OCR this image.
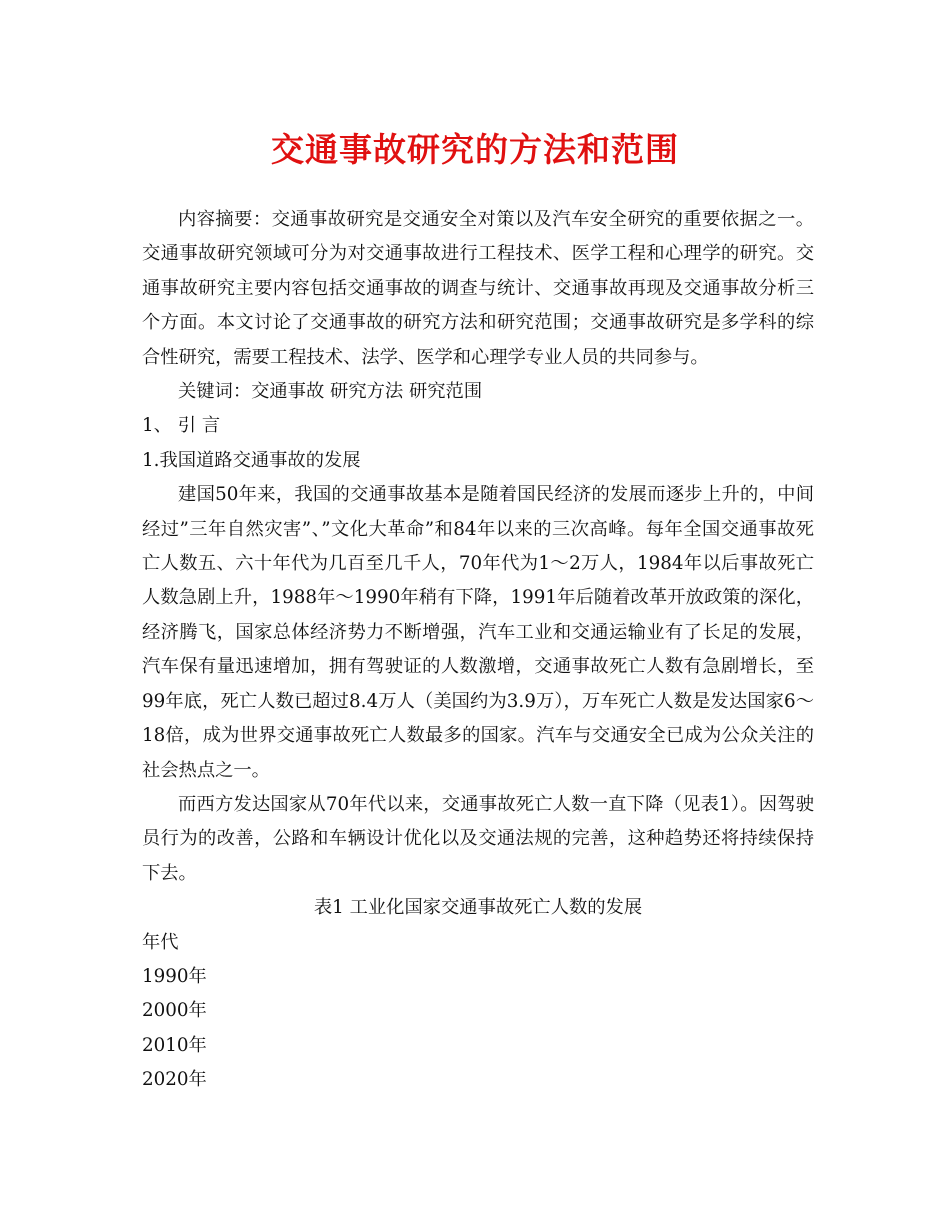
交通事故研究的方法和范围

内容摘要：交通事故研究是交通安全对策以及汽车安全研究的重要依据之一。交通事故研究领域可分为对交通事故进行工程技术、医学工程和心理学的研究。交通事故研究主要内容包括交通事故的调查与统计、交通事故再现及交通事故分析三个方面。本文讨论了交通事故的研究方法和研究范围；交通事故研究是多学科的综合性研究，需要工程技术、法学、医学和心理学专业人员的共同参与。

关键词：交通事故 研究方法 研究范围

1、 引 言

1.我国道路交通事故的发展

建国50年来，我国的交通事故基本是随着国民经济的发展而逐步上升的，中间经过”三年自然灾害”、”文化大革命”和84年以来的三次高峰。每年全国交通事故死亡人数五、六十年代为几百至几千人，70年代为1～2万人，1984年以后事故死亡人数急剧上升，1988年～1990年稍有下降，1991年后随着改革开放政策的深化，经济腾飞，国家总体经济势力不断增强，汽车工业和交通运输业有了长足的发展，汽车保有量迅速增加，拥有驾驶证的人数激增，交通事故死亡人数有急剧增长，至99年底，死亡人数已超过8.4万人（美国约为3.9万），万车死亡人数是发达国家6～18倍，成为世界交通事故死亡人数最多的国家。汽车与交通安全已成为公众关注的社会热点之一。

而西方发达国家从70年代以来，交通事故死亡人数一直下降（见表1）。因驾驶员行为的改善，公路和车辆设计优化以及交通法规的完善，这种趋势还将持续保持下去。

表1 工业化国家交通事故死亡人数的发展

年代

1990年

2000年

2010年

2020年
